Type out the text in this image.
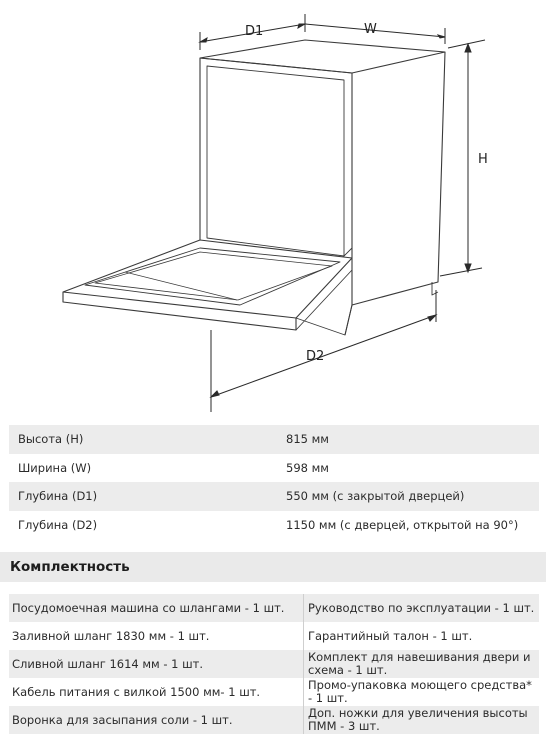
D1	W
H
D2
Высота (H)	815 мм
Ширина (W)	598 мм
Глубина (D1)	550 мм (с закрытой дверцей)
Глубина (D2)	1150 мм (с дверцей, открытой на 90°)
Комплектность
Посудомоечная машина со шлангами - 1 шт.	Руководство по эксплуатации - 1 шт.
Заливной шланг 1830 мм - 1 шт.	Гарантийный талон - 1 шт.
Сливной шланг 1614 мм - 1 шт.	Комплект для навешивания двери и схема - 1 шт.
Кабель питания с вилкой 1500 мм- 1 шт.	Промо-упаковка моющего средства* - 1 шт.
Воронка для засыпания соли - 1 шт.	Доп. ножки для увеличения высоты ПММ - 3 шт.
